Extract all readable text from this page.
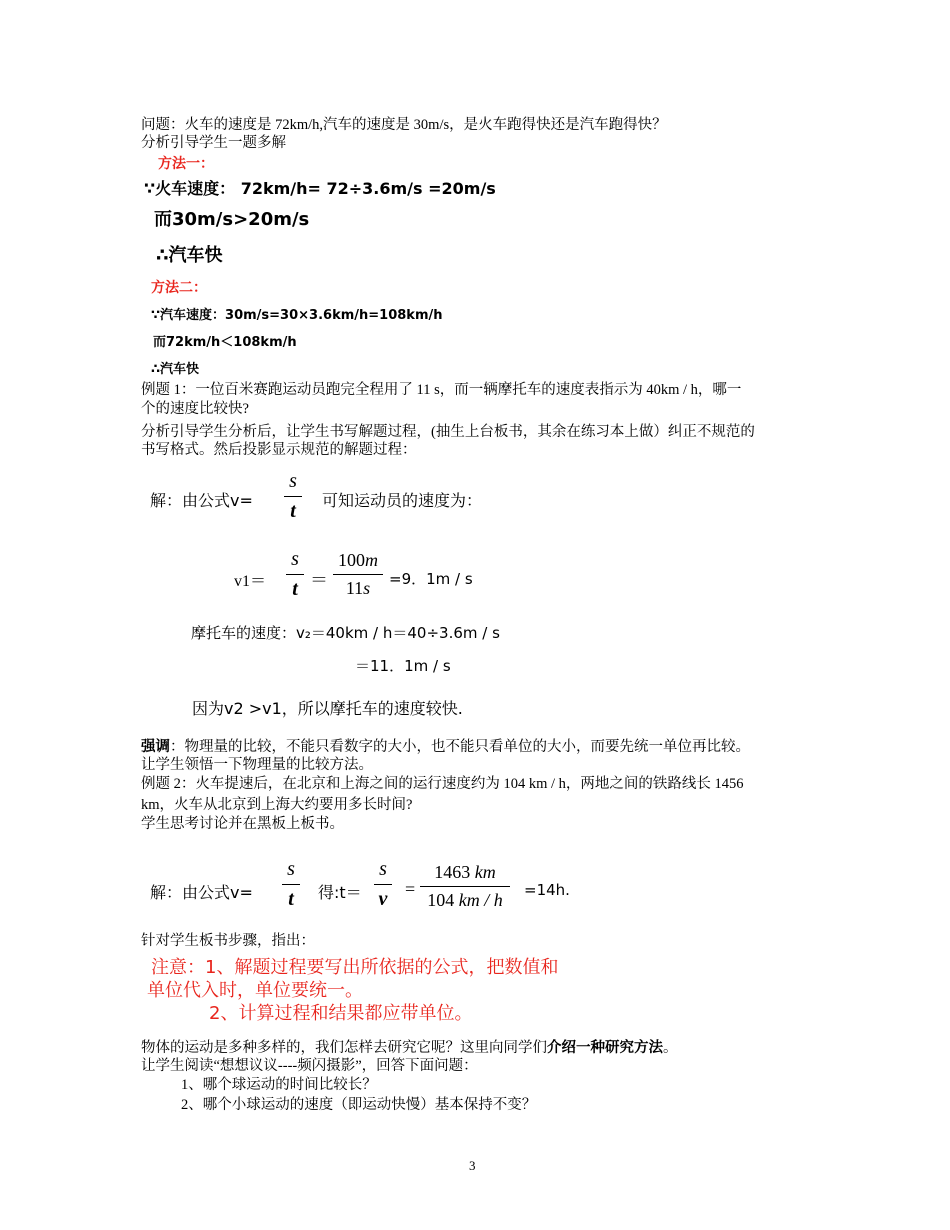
问题：火车的速度是 72km/h,汽车的速度是 30m/s，是火车跑得快还是汽车跑得快？
分析引导学生一题多解
方法一：
∵火车速度： 72km/h= 72÷3.6m/s =20m/s
而30m/s>20m/s
∴汽车快
方法二：
∵汽车速度：30m/s=30×3.6km/h=108km/h
而72km/h＜108km/h
∴汽车快
例题 1：一位百米赛跑运动员跑完全程用了 11 s，而一辆摩托车的速度表指示为 40km / h，哪一
个的速度比较快?
分析引导学生分析后，让学生书写解题过程，(抽生上台板书，其余在练习本上做）纠正不规范的
书写格式。然后投影显示规范的解题过程：
解：由公式v=
s
t	可知运动员的速度为：
v1＝
s
t ＝
100m
11s	=9．1m / s
摩托车的速度：v₂＝40km / h＝40÷3.6m / s
＝11．1m / s
因为v2 >v1，所以摩托车的速度较快.
强调：物理量的比较，不能只看数字的大小，也不能只看单位的大小，而要先统一单位再比较。
让学生领悟一下物理量的比较方法。
例题 2：火车提速后，在北京和上海之间的运行速度约为 104 km / h，两地之间的铁路线长 1456
km，火车从北京到上海大约要用多长时间?
学生思考讨论并在黑板上板书。
解：由公式v=
s
t	得:t＝
s
v =
1463 km
104 km / h	=14h.
针对学生板书步骤，指出：
注意：1、解题过程要写出所依据的公式，把数值和
单位代入时，单位要统一。
2、计算过程和结果都应带单位。
物体的运动是多种多样的，我们怎样去研究它呢？这里向同学们介绍一种研究方法。
让学生阅读“想想议议----频闪摄影”，回答下面问题：
1、哪个球运动的时间比较长？
2、哪个小球运动的速度（即运动快慢）基本保持不变？
3
